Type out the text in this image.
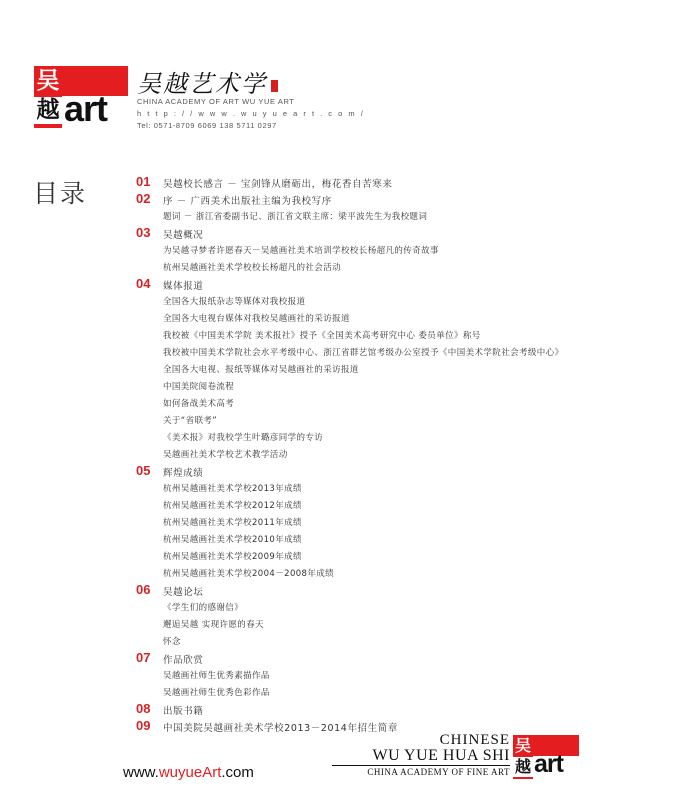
吴
越 art
吴越艺术学
CHINA ACADEMY OF ART WU YUE ART
h t t p : / / w w w . w u y u e a r t . c o m /
Tel: 0571-8709 6069 138 5711 0297
目录	01	吴越校长感言 － 宝剑锋从磨砺出，梅花香自苦寒来
02	序 － 广西美术出版社主编为我校写序
题词 － 浙江省委副书记、浙江省文联主席：梁平波先生为我校题词
03	吴越概况
为吴越寻梦者许愿春天－吴越画社美术培训学校校长杨超凡的传奇故事
杭州吴越画社美术学校校长杨超凡的社会活动
04	媒体报道
全国各大报纸杂志等媒体对我校报道
全国各大电视台媒体对我校吴越画社的采访报道
我校被《中国美术学院 美术报社》授予《全国美术高考研究中心 委员单位》称号
我校被中国美术学院社会水平考级中心、浙江省群艺馆考级办公室授予《中国美术学院社会考级中心》
全国各大电视、报纸等媒体对吴越画社的采访报道
中国美院阅卷流程
如何备战美术高考
关于“省联考”
《美术报》对我校学生叶璐彦同学的专访
吴越画社美术学校艺术教学活动
05	辉煌成绩
杭州吴越画社美术学校2013年成绩
杭州吴越画社美术学校2012年成绩
杭州吴越画社美术学校2011年成绩
杭州吴越画社美术学校2010年成绩
杭州吴越画社美术学校2009年成绩
杭州吴越画社美术学校2004－2008年成绩
06	吴越论坛
《学生们的感谢信》
邂逅吴越 实现许愿的春天
怀念
07	作品欣赏
吴越画社师生优秀素描作品
吴越画社师生优秀色彩作品
08	出版书籍
09	中国美院吴越画社美术学校2013－2014年招生简章
www.wuyueArt.com
CHINESE
WU YUE HUA SHI
CHINA ACADEMY OF FINE ART
吴
越 art
